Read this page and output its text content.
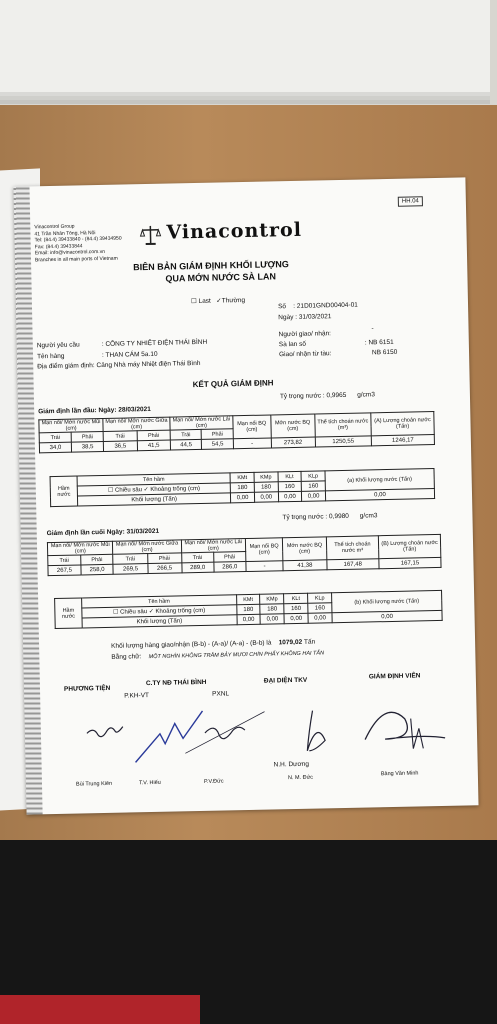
HH.04
Vinacontrol Group
41 Trần Nhân Tông, Hà Nội
Tel: (84.4) 39433840 - (84.4) 39434950
Fax: (84.4) 39433844
Email: info@vinacontrol.com.vn
Branches in all main ports of Vietnam
Vinacontrol
BIÊN BẢN GIÁM ĐỊNH KHỐI LƯỢNG
QUA MỚN NƯỚC SÀ LAN
☐ Last ✓Thường
Số : 21D01GND00404-01
Ngày : 31/03/2021
Người yêu cầu	: CÔNG TY NHIỆT ĐIỆN THÁI BÌNH
Tên hàng	: THAN CÁM 5a.10
Địa điểm giám định: Cảng Nhà máy Nhiệt điện Thái Bình
Người giao/ nhận:
-
Sà lan số	: NB 6151
Giao/ nhận từ tàu:	NB 6150
KẾT QUẢ GIÁM ĐỊNH
Tỷ trọng nước : 0,9965 g/cm3
Giám định lần đầu: Ngày: 28/03/2021
Mạn nổi/ Mớn nước Mũi (cm)		Mạn nổi/ Mớn nước Giữa (cm)		Mạn nổi/ Mớn nước Lái (cm)		Mạn nổi BQ (cm)	Mớn nước BQ (cm)	Thể tích choán nước (m³)	(A) Lượng choán nước (Tấn)
Trái	Phải	Trái	Phải	Trái	Phải				
34,0	38,5	36,5	41,5	44,5	54,5	-	273,82	1250,55	1246,17
Hầm nước	Tên hầm	KMt	KMp	KLt	KLp	(a) Khối lượng nước (Tấn)
	☐ Chiều sâu ✓ Khoảng trống (cm)	180	180	160	160	
	Khối lượng (Tấn)	0,00	0,00	0,00	0,00	0,00
Tỷ trọng nước : 0,9980 g/cm3
Giám định lần cuối Ngày: 31/03/2021
Mạn nổi/ Mớn nước Mũi (cm)		Mạn nổi/ Mớn nước Giữa (cm)		Mạn nổi/ Mớn nước Lái (cm)		Mạn nổi BQ (cm)	Mớn nước BQ (cm)	Thể tích choán nước m³	(B) Lượng choán nước (Tấn)
Trái	Phải	Trái	Phải	Trái	Phải				
267,5	258,0	269,5	266,5	289,0	286,0	-	41,38	167,48	167,15
Hầm nước	Tên hầm	KMt	KMp	KLt	KLp	(b) Khối lượng nước (Tấn)
	☐ Chiều sâu ✓ Khoảng trống (cm)	180	180	160	160	
	Khối lượng (Tấn)	0,00	0,00	0,00	0,00	0,00
Khối lượng hàng giao/nhận (B-b) - (A-a)/ (A-a) - (B-b) là 1079,02 Tấn
Bằng chữ: MỘT NGHÌN KHÔNG TRĂM BẢY MƯƠI CHÍN PHẨY KHÔNG HAI TẤN
PHƯƠNG TIỆN
C.TY NĐ THÁI BÌNH
P.KH-VT	PXNL
ĐẠI DIỆN TKV
GIÁM ĐỊNH VIÊN
N.H. Dương
Bùi Trung Kiên	T.V. Hiếu	P.V.Đức
N. M. Đức
Bàng Văn Minh
